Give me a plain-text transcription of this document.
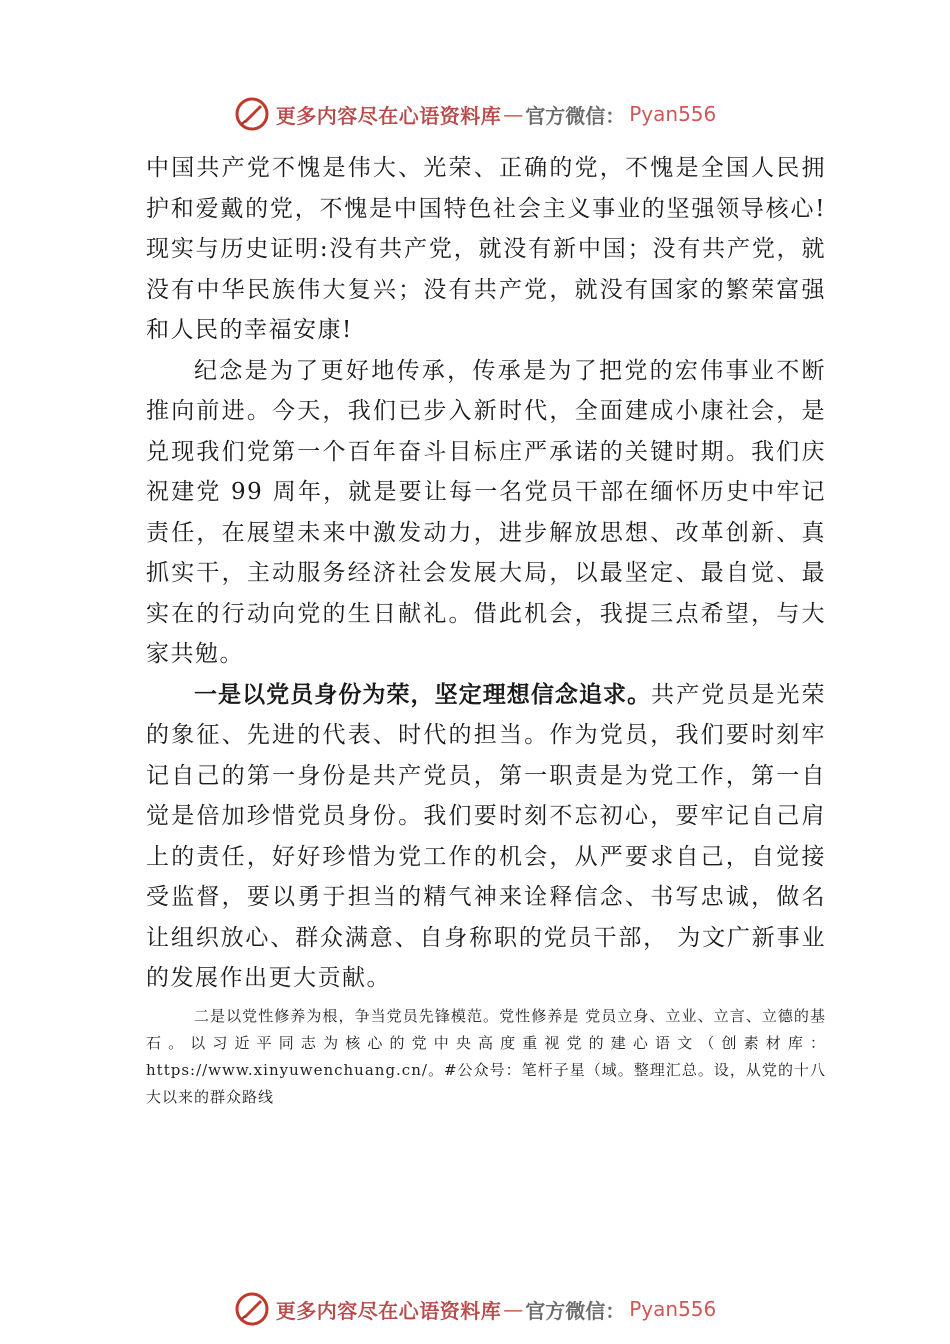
更多内容尽在心语资料库 — 官方微信： Pyan556

中国共产党不愧是伟大、光荣、正确的党，不愧是全国人民拥护和爱戴的党，不愧是中国特色社会主义事业的坚强领导核心!现实与历史证明:没有共产党，就没有新中国；没有共产党，就没有中华民族伟大复兴；没有共产党，就没有国家的繁荣富强和人民的幸福安康!

纪念是为了更好地传承，传承是为了把党的宏伟事业不断推向前进。今天，我们已步入新时代，全面建成小康社会，是兑现我们党第一个百年奋斗目标庄严承诺的关键时期。我们庆祝建党 99 周年，就是要让每一名党员干部在缅怀历史中牢记责任，在展望未来中激发动力，进步解放思想、改革创新、真抓实干，主动服务经济社会发展大局，以最坚定、最自觉、最实在的行动向党的生日献礼。借此机会，我提三点希望，与大家共勉。

一是以党员身份为荣，坚定理想信念追求。共产党员是光荣的象征、先进的代表、时代的担当。作为党员，我们要时刻牢记自己的第一身份是共产党员，第一职责是为党工作，第一自觉是倍加珍惜党员身份。我们要时刻不忘初心，要牢记自己肩上的责任，好好珍惜为党工作的机会，从严要求自己，自觉接受监督，要以勇于担当的精气神来诠释信念、书写忠诚，做名让组织放心、群众满意、自身称职的党员干部， 为文广新事业的发展作出更大贡献。

二是以党性修养为根，争当党员先锋模范。党性修养是 党员立身、立业、立言、立德的基石。以习近平同志为核心的党中央高度重视党的建心语文（创素材库：https://www.xinyuwenchuang.cn/。#公众号：笔杆子星（域。整理汇总。设，从党的十八大以来的群众路线

更多内容尽在心语资料库 — 官方微信： Pyan556
